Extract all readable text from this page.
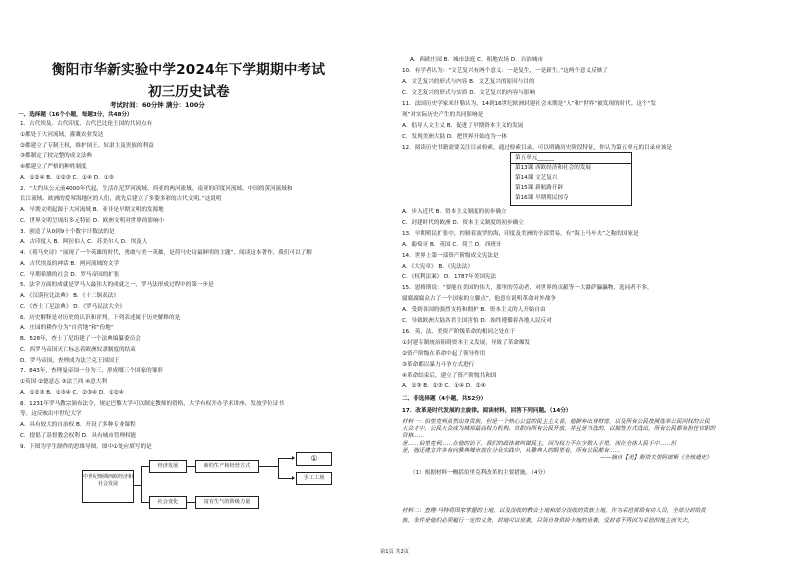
衡阳市华新实验中学2024年下学期期中考试
初三历史试卷
考试时间：60分钟 满分：100分
一、选择题（16个小题，每题3分，共48分）
1．古代埃及、古代印度、古代巴比伦王国的共同点有
①都处于大河流域，灌溉农业发达
②都建立了专制王权，维护国王、奴隶主及贵族的利益
③都制定了较完整的成文法典
④都建立了严格的种姓制度
A．①②④ B．①②③ C．①④ D．①③
2．“大约从公元前4000年代起，生活在尼罗河流域、西亚的两河流域、南亚的印度河流域、中国的黄河流域和
长江流域、欧洲的爱琴海地区的人们，就先后建立了多姿多彩的古代文明。”这说明
A．早期文明起源于大河流域 B．亚非是早期文明的发源地
C．世界文明呈现出多元特征 D．欧洲文明对世界的影响小
3．创造了从0到9十个数字计数法的是
A．古印度人 B．阿拉伯人 C．苏美尔人 D．埃及人
4．《荷马史诗》“展现了一个英雄的时代，勇敢与美一英雄，是荷马史诗最鲜明的主题”。阅读这本著作，我们可以了解
A．古代埃及的神话 B．两河流域的文学
C．早期希腊的社会 D．罗马帝国的扩张
5．法学方面的成就是罗马人最伟大的成就之一，罗马法形成过程中的第一步是
A．《汉谟拉比法典》 B．《十二铜表法》
C．《查士丁尼法典》 D．《罗马民法大全》
6．历史解释是对历史的认识和评判。下列表述属于历史解释的是
A．庄园的耕作分为“自营地”和“份地”
B．528年，查士丁尼组建了一个法典编纂委员会
C．西罗马帝国灭亡标志着欧洲奴隶制度的结束
D．罗马帝国，查理成为法兰克王国国王
7．843年，查理曼帝国一分为三，形成哪三个国家的雏形
①英国 ②德意志 ③法兰西 ④意大利
A．①②③ B．①③④ C．②③④ D．①②④
8．1231年罗马教宗颁布法令，规定巴黎大学可以制定教师的资格，大学有权开办学术讲座、发放学位证书
等。这反映出中世纪大学
A．具有较大的自治权 B．开设了多种专业课程
C．提倡了基督教会权利 D．具有城市管理权能
9．下图为学生制作的思维导图，图中①处应填写的是
中世纪晚期西欧经济和社会发展
经济发展
社会变化
新的生产和经营方式
富有生气的阶级力量
①
手工工场
A．西欧庄园 B．城市法庭 C．租地农场 D．自治城市
10．有学者认为：“文艺复兴有两个意义：一是复生，一是新生。”这两个意义反映了
A．文艺复兴的形式与内容 B．文艺复兴的原因与目的
C．文艺复兴的形式与实质 D．文艺复兴的内容与影响
11．法国历史学家米什勒认为，14到16世纪欧洲封建社会末期是“人”和“世界”被发现的时代。这个“发
现”对实际历史产生的共同影响是
A．倡导人文主义 B．促进了早期资本主义的发展
C．发现美洲大陆 D．把世界开始连为一体
12．阅读历史书籍需要关注目录检索，通过检索目录，可以明确历史阶段特征，你认为第五单元的目录应该是
A．步入近代 B．资本主义制度的初步确立
C．封建时代的欧洲 D．资本主义制度的初步确立
13．早期殖民扩张中，控制着波罗的海，印度及美洲的全部贸易，有“海上马车夫”之称的国家是
A．葡萄牙 B．英国 C．荷兰 D．西班牙
14．世界上第一部资产阶级成文宪法是
A．《大宪章》 B．《宪法法》
C．《权利法案》 D．1787年美国宪法
15．恩格斯说：“要能在美国的伟大，那里的劳动者，对世界的贡献等一大瀑萨瀛瀛物，选同者不多，
腐腐腐腐众占了一个国家的立脚点”，他意在说明革命对外战争
A．受到各国的强烈支持和拥护 B．资本主义的人开始自由
C．导致欧洲大陆各君主国害怕 D．始终遵循着各地人民反对
16．英、法、美资产阶级革命的相同之处在于
①封建专制统治阻碍资本主义发展，导致了革命爆发
②资产阶级在革命中起了领导作用
③革命都以暴力斗争方式进行
④革命结束后，建立了资产阶级共和国
A．①③ B．②③ C．①④ D．②④
第五单元______
第13课 西欧经济和社会的发展
第14课 文艺复兴
第15课 新航路开辟
第16课 早期殖民掠夺
二、非选择题（4小题，共52分）
17．改革是时代发展的主旋律。阅读材料，回答下列问题。（14分）
材料一：伯里克利虽然出身贵族，但是一个热心公益的民主主义者。他摒弃出身财富，以及所有公民按照选举公民同权的公民
大会才中，公民大会成为城邦最高权力机构。官职向所有公民开放，并且是当选的，以抽签方式选出，所有公民都有担任官职的
资格……
是……伯里克利……在他的治下，我们的政体被叫做民主，因为权力不在少数人手里，而在全体人民手中……但
是，他还建立许多有向雅典城市放在分众实践中，从雅典人的眼里看，所有公民都有……
——摘自【美】斯塔夫里阿诺斯《全球通史》
（1）根据材料一概括伯里克利改革的主要措施。（4分）
材料二：查理·马特将国家掌握的土地，以及没收的教会土地和部分没收的贵族土地，作为采邑赏给有功人员，全部分封给贵
族，条件是他们必须履行一定的义务，封地可以世袭，只领自身供给卡地的世袭，受封者不再因为采邑的地主而失去，
第1页 共2页
